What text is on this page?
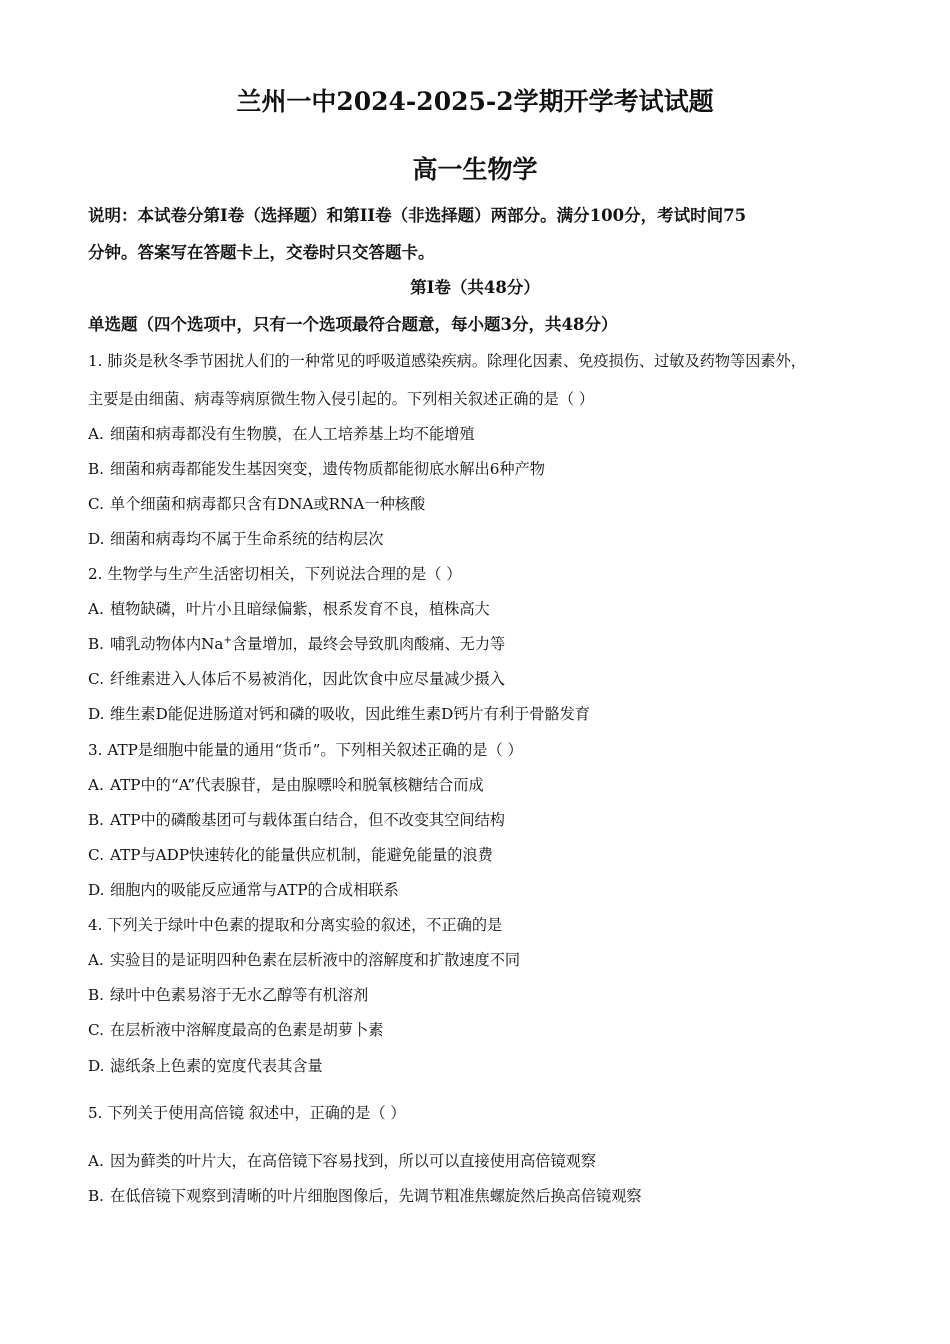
兰州一中2024-2025-2学期开学考试试题
高一生物学
说明：本试卷分第I卷（选择题）和第II卷（非选择题）两部分。满分100分，考试时间75
分钟。答案写在答题卡上，交卷时只交答题卡。
第I卷（共48分）
单选题（四个选项中，只有一个选项最符合题意，每小题3分，共48分）
1. 肺炎是秋冬季节困扰人们的一种常见的呼吸道感染疾病。除理化因素、免疫损伤、过敏及药物等因素外，
主要是由细菌、病毒等病原微生物入侵引起的。下列相关叙述正确的是（ ）
A. 细菌和病毒都没有生物膜，在人工培养基上均不能增殖
B. 细菌和病毒都能发生基因突变，遗传物质都能彻底水解出6种产物
C. 单个细菌和病毒都只含有DNA或RNA一种核酸
D. 细菌和病毒均不属于生命系统的结构层次
2. 生物学与生产生活密切相关，下列说法合理的是（ ）
A. 植物缺磷，叶片小且暗绿偏紫，根系发育不良，植株高大
B. 哺乳动物体内Na+含量增加，最终会导致肌肉酸痛、无力等
C. 纤维素进入人体后不易被消化，因此饮食中应尽量减少摄入
D. 维生素D能促进肠道对钙和磷的吸收，因此维生素D钙片有利于骨骼发育
3. ATP是细胞中能量的通用“货币”。下列相关叙述正确的是（ ）
A. ATP中的“A”代表腺苷，是由腺嘌呤和脱氧核糖结合而成
B. ATP中的磷酸基团可与载体蛋白结合，但不改变其空间结构
C. ATP与ADP快速转化的能量供应机制，能避免能量的浪费
D. 细胞内的吸能反应通常与ATP的合成相联系
4. 下列关于绿叶中色素的提取和分离实验的叙述，不正确的是
A. 实验目的是证明四种色素在层析液中的溶解度和扩散速度不同
B. 绿叶中色素易溶于无水乙醇等有机溶剂
C. 在层析液中溶解度最高的色素是胡萝卜素
D. 滤纸条上色素的宽度代表其含量
5. 下列关于使用高倍镜 叙述中，正确的是（ ）
A. 因为藓类的叶片大，在高倍镜下容易找到，所以可以直接使用高倍镜观察
B. 在低倍镜下观察到清晰的叶片细胞图像后，先调节粗准焦螺旋然后换高倍镜观察
